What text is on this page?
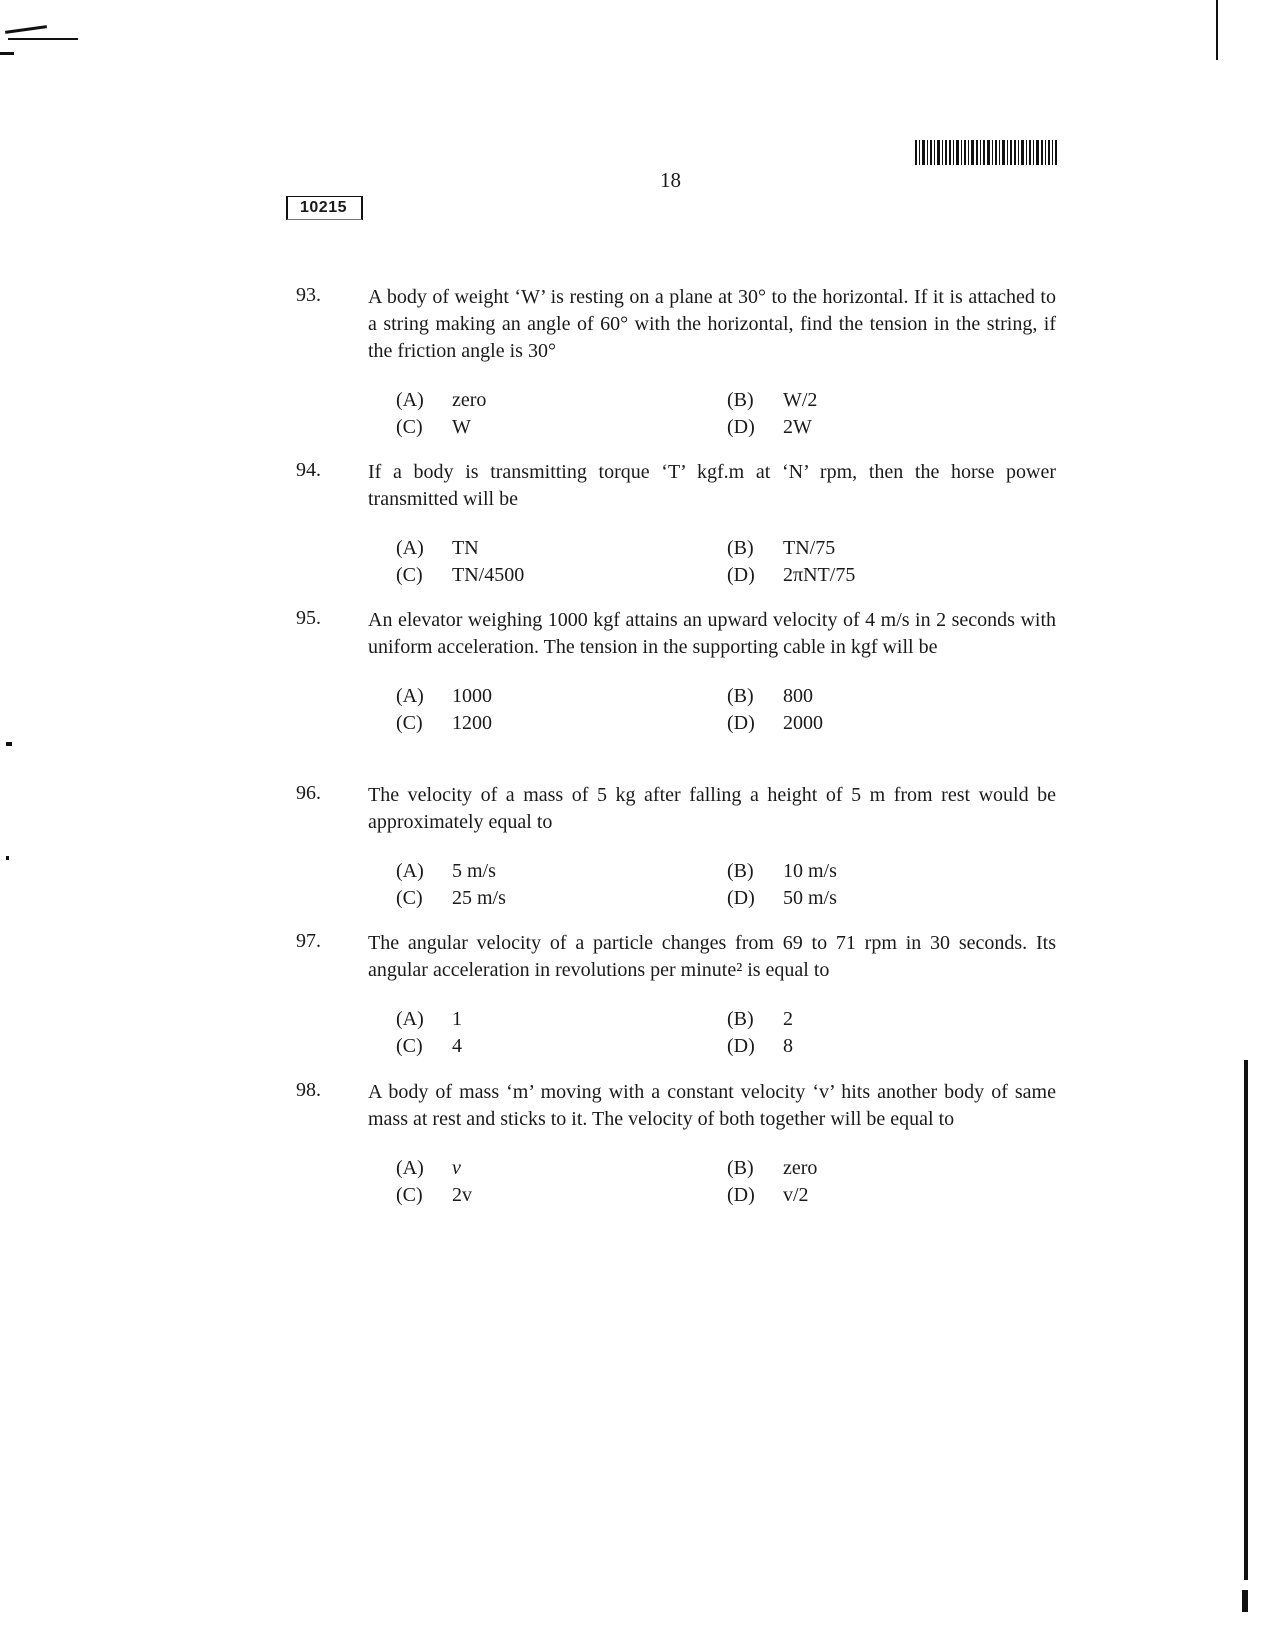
18
10215
93. A body of weight ‘W’ is resting on a plane at 30° to the horizontal. If it is attached to a string making an angle of 60° with the horizontal, find the tension in the string, if the friction angle is 30°
(A)	zero	(B)	W/2
(C)	W	(D)	2W
94. If a body is transmitting torque ‘T’ kgf.m at ‘N’ rpm, then the horse power transmitted will be
(A)	TN	(B)	TN/75
(C)	TN/4500	(D)	2πNT/75
95. An elevator weighing 1000 kgf attains an upward velocity of 4 m/s in 2 seconds with uniform acceleration. The tension in the supporting cable in kgf will be
(A)	1000	(B)	800
(C)	1200	(D)	2000
96. The velocity of a mass of 5 kg after falling a height of 5 m from rest would be approximately equal to
(A)	5 m/s	(B)	10 m/s
(C)	25 m/s	(D)	50 m/s
97. The angular velocity of a particle changes from 69 to 71 rpm in 30 seconds. Its angular acceleration in revolutions per minute² is equal to
(A)	1	(B)	2
(C)	4	(D)	8
98. A body of mass ‘m’ moving with a constant velocity ‘v’ hits another body of same mass at rest and sticks to it. The velocity of both together will be equal to
(A)	v	(B)	zero
(C)	2v	(D)	v/2
